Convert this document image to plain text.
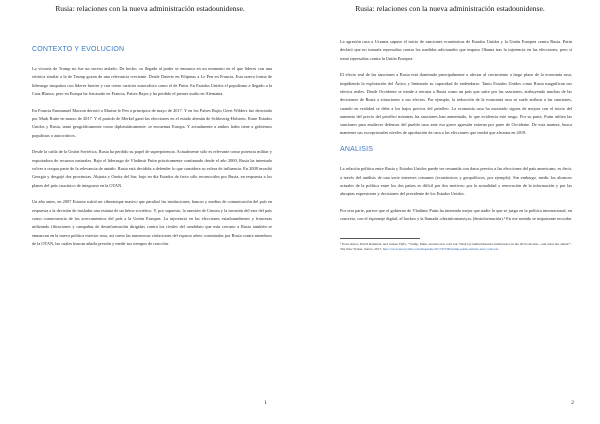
Rusia: relaciones con la nueva administración estadounidense.
CONTEXTO Y EVOLUCION

La victoria de Trump no fue un suceso aislado. De hecho, su llegada al poder se enmarca en un momento en el que líderes con una retórica similar a la de Trump gozan de una relevancia creciente. Desde Duterte en Filipinas a Le Pen en Francia, Esta nueva forma de liderazgo simpatiza con líderes fuertes y con cierto carácter autocrático como el de Putin. En Estados Unidos el populismo a llegado a la Casa Blanca, pero en Europa ha fracasado en Francia, Países Bajos y ha perdido el primer asalto en Alemania.

En Francia Emmanuel Macron derrotó a Marine le Pen a principios de mayo de 2017. Y en los Países Bajos Geert Wilders fue derrotado por Mark Rutte en marzo de 2017. Y el partido de Merkel ganó las elecciones en el estado alemán de Schleswig-Holstein. Entre Estados Unidos y Rusia, tanto geográficamente como diplomáticamente, se encuentra Europa. Y actualmente a ambos lados tiene a gobiernos populistas o autocráticos.

Desde la caída de la Unión Soviética, Rusia ha perdido su papel de superpotencia. Actualmente sólo es relevante como potencia militar y exportadora de recursos naturales. Bajo el liderazgo de Vladimir Putin prácticamente continuado desde el año 2000, Rusia ha intentado volver a ocupar parte de la relevancia de antaño. Rusia está decidida a defender lo que considera su esfera de influencia. En 2008 invadió Georgia y desgajó dos provincias, Abjasia y Osetia del Sur, bajo en día Estados de facto sólo reconocidos por Rusia, en respuesta a los planes del país caucásico de integrarse en la OTAN.

Un año antes, en 2007 Estonia sufrió un ciberataque masivo que paralizó las instituciones, bancos y medios de comunicación del país en respuesta a la decisión de trasladar una estatua de un héroe soviético. Y, por supuesto, la anexión de Crimea y la invasión del este del país como consecuencia de los acercamientos del país a la Unión Europea. La injerencia en las elecciones estadounidenses y francesas utilizando filtraciones y campañas de desinformación dirigidas contra los rivales del candidato que más cercano a Rusia también se enmarcan en la nueva política exterior rusa, así como las numerosas violaciones del espacio aéreo constatadas por Rusia contra miembros de la OTAN, las cuales buscan añadir presión y medir sus tiempos de reacción.

1
Rusia: relaciones con la nueva administración estadounidense.

La agresión rusa a Ucrania supuso el inicio de sanciones económicas de Estados Unidos y la Unión Europea contra Rusia. Putin declaró que no tomaría represalias contra los medidas adicionales que impuso Obama tras la injerencia en las elecciones, pero sí tomó represalias contra la Unión Europea.

El efecto real de las sanciones a Rusia está dominado principalmente a afectar al crecimiento a largo plazo de la economía rusa, impidiendo la explotación del Ártico y limitando su capacidad de endeudarse. Tanto Estados Unidos como Rusia magnifican sus efectos reales. Desde Occidente se tiende a retratar a Rusia como un país que sufre por las sanciones, atribuyendo muchas de las decisiones de Rusia a situaciones a sus efectos. Por ejemplo, la reducción de la economía rusa se suele atribuir a las sanciones, cuando en realidad se debe a los bajos precios del petróleo. La economía rusa ha mostrado signos de mejora con el inicio del aumento del precio del petróleo mientras las sanciones han aumentado, lo que evidencia este sesgo. Por su parte, Putin utiliza las sanciones para enaltecer defensor del pueblo ruso ante esa grave agresión externa por parte de Occidente. De esta manera, busca mantener sus excepcionales niveles de aprobación de cara a las elecciones que tendrá que afrontar en 2018.

ANALISIS

La relación política entre Rusia y Estados Unidos puede ser resumida con datos previos a las elecciones del país americano, es decir, a través del análisis de una serie intereses comunes (económicos y geopolíticos, por ejemplo). Sin embargo, medir los alcances actuales de la política entre los dos países es difícil por dos motivos: por la actualidad y renovación de la información y por las abruptas expresiones y decisiones del presidente de los Estados Unidos.

Por otra parte, parece que el gobierno de Vladimir Putin ha intentado mejor que nadie lo que se juega en la política internacional, en concreto, con el espionaje digital, el hackeo y la llamada «dezinformatsiya» (desinformación).¹ En ese sentido se importante recordar

¹ Evan Osnos, David Remnick, and Joshua Yaffa, "Trump, Putin, and the new cold war. What lay behind Russia's interference in the 2016 election—and what lies ahead?", The New Yorker, marzo, 2017. http://www.newyorker.com/magazine/2017/03/06/trump-putin-and-the-new-cold-war
2
